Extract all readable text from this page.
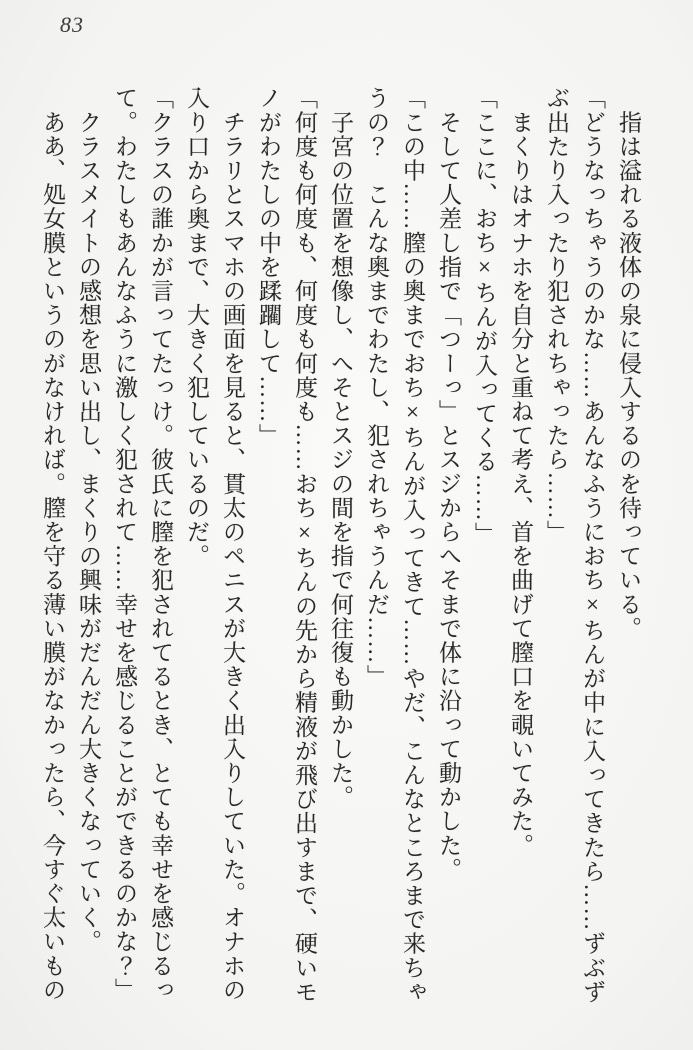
83
　指は溢れる液体の泉に侵入するのを待っている。
「どうなっちゃうのかな……あんなふうにおち×ちんが中に入ってきたら……ずぶず
ぶ出たり入ったり犯されちゃったら……」
　まくりはオナホを自分と重ねて考え、首を曲げて膣口を覗いてみた。
「ここに、おち×ちんが入ってくる……」
　そして人差し指で「つーっ」とスジからへそまで体に沿って動かした。
「この中……膣の奥までおち×ちんが入ってきて……やだ、こんなところまで来ちゃ
うの？　こんな奥までわたし、犯されちゃうんだ……」
　子宮の位置を想像し、へそとスジの間を指で何往復も動かした。
「何度も何度も、何度も何度も……おち×ちんの先から精液が飛び出すまで、硬いモ
ノがわたしの中を蹂躙して……」
　チラリとスマホの画面を見ると、貫太のペニスが大きく出入りしていた。オナホの
入り口から奥まで、大きく犯しているのだ。
「クラスの誰かが言ってたっけ。彼氏に膣を犯されてるとき、とても幸せを感じるっ
て。わたしもあんなふうに激しく犯されて……幸せを感じることができるのかな？」
　クラスメイトの感想を思い出し、まくりの興味がだんだん大きくなっていく。
　ああ、処女膜というのがなければ。膣を守る薄い膜がなかったら、今すぐ太いもの
